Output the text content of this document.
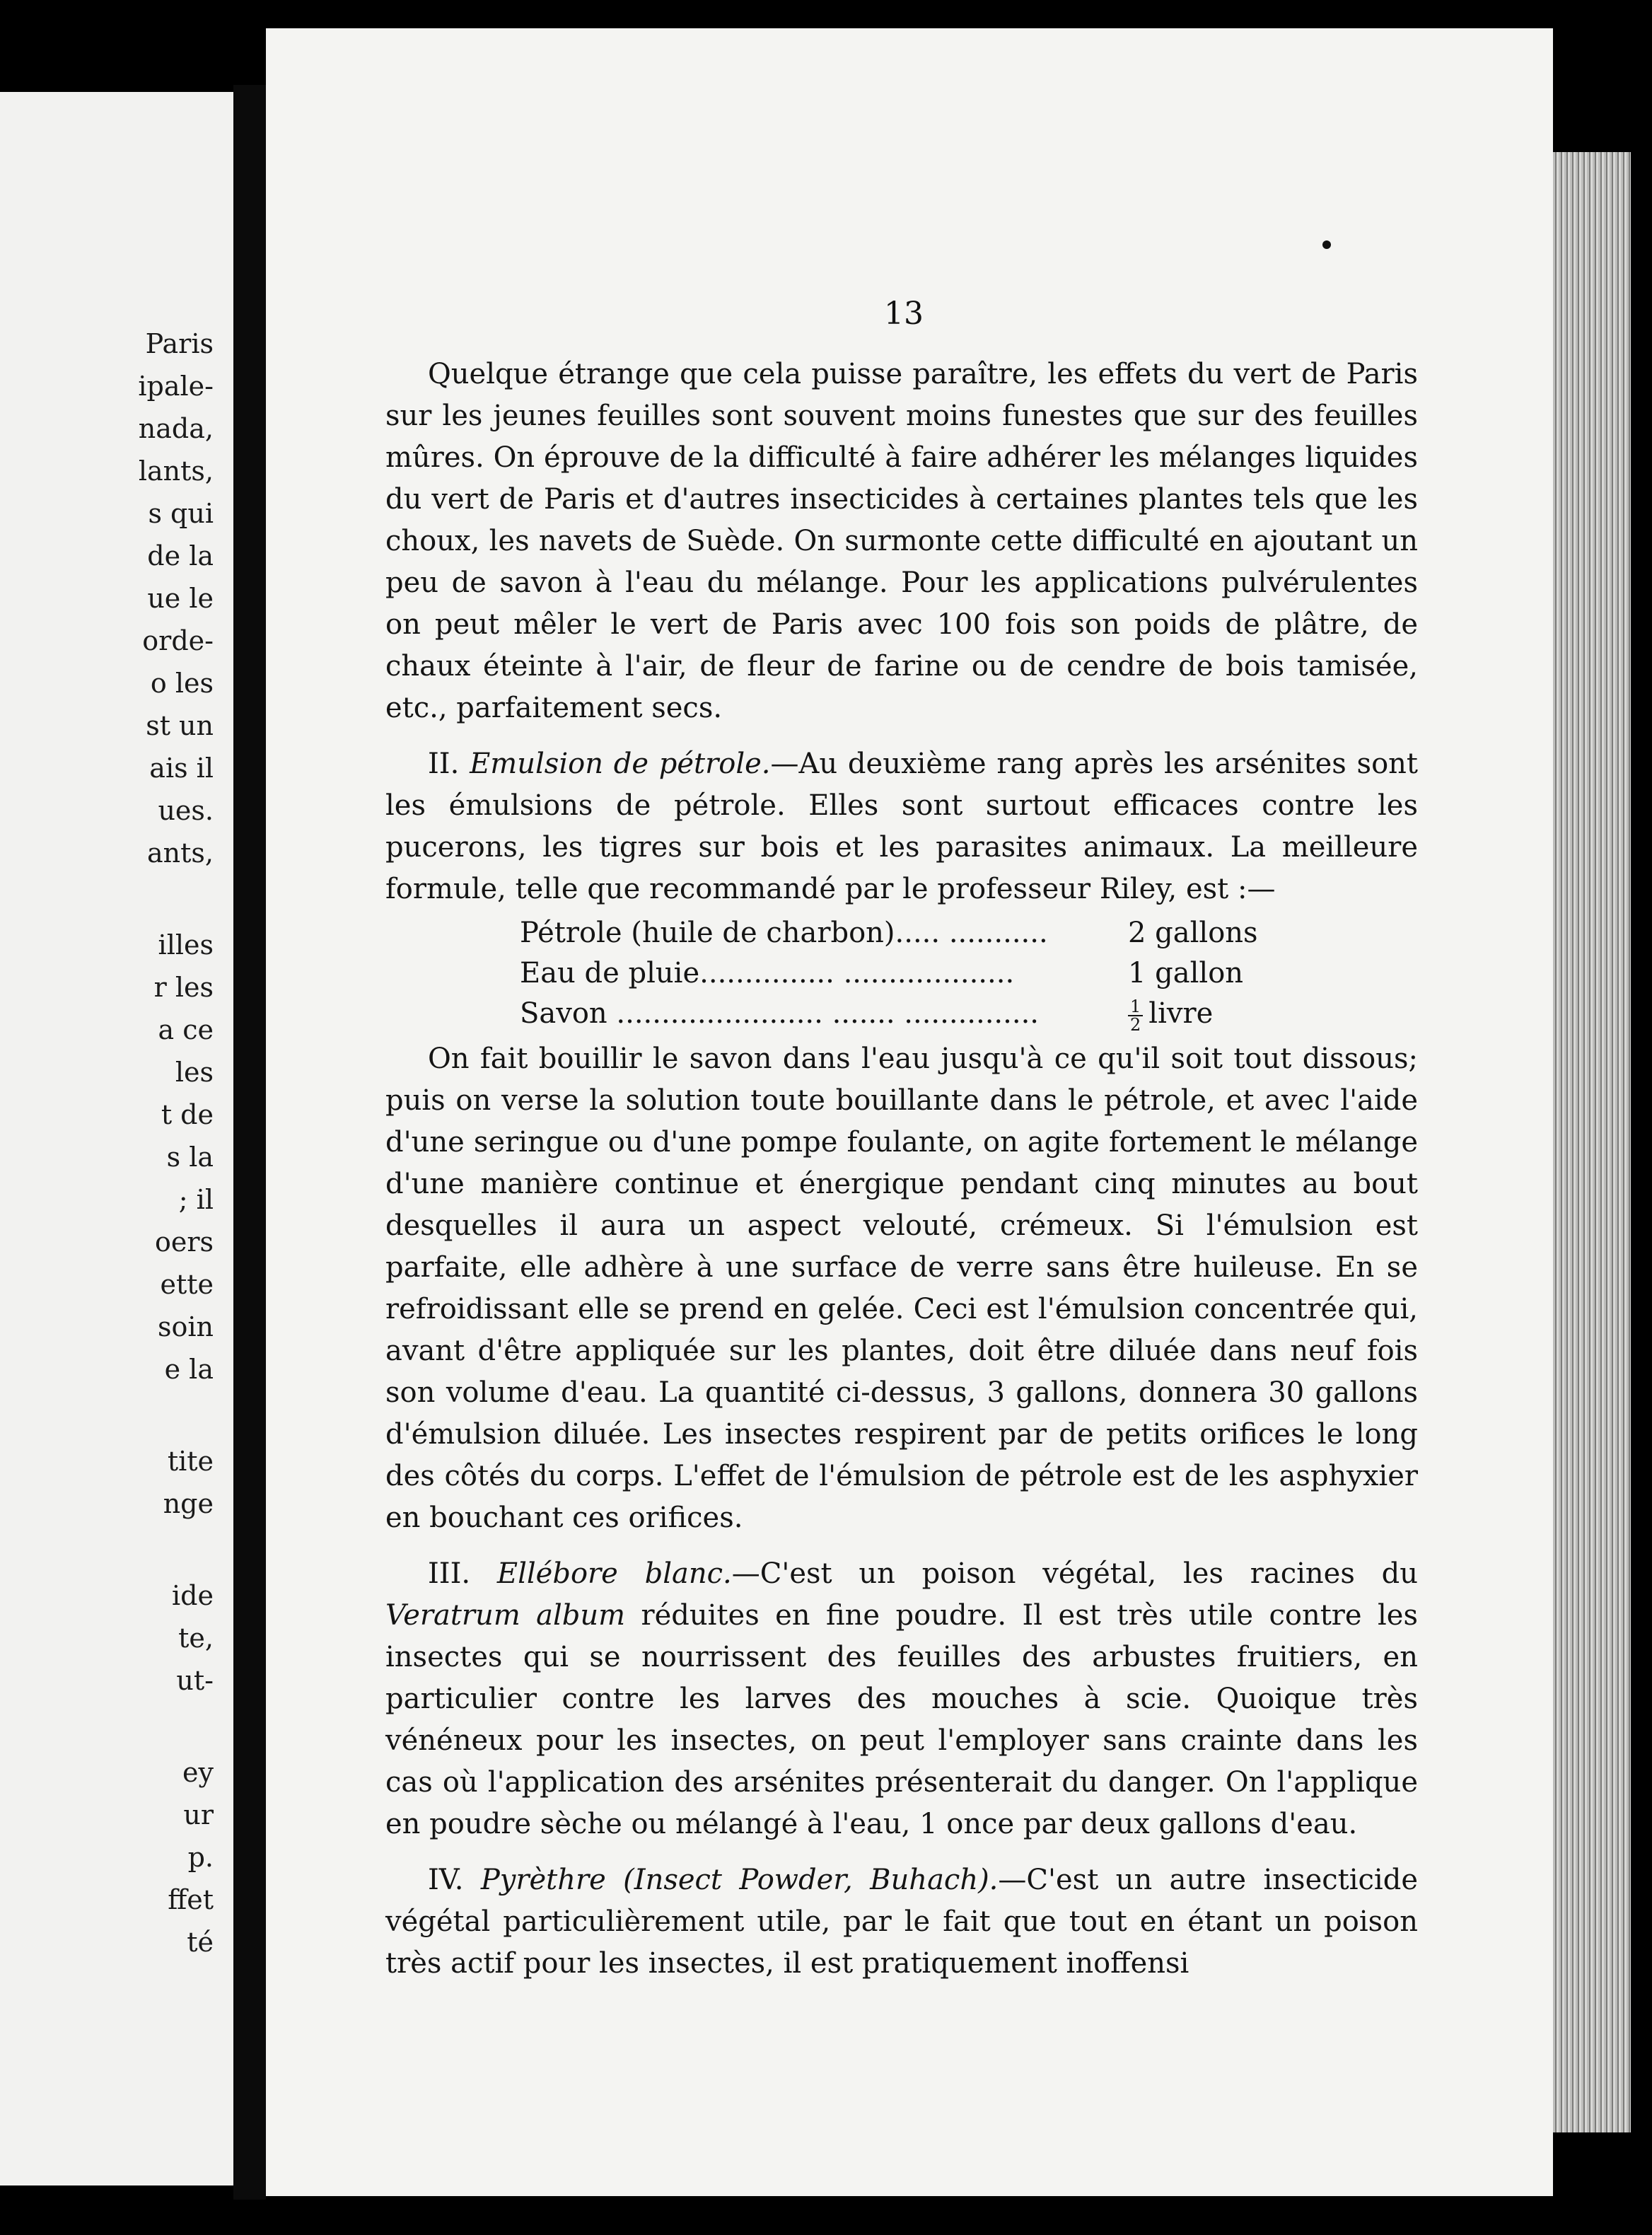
Paris
ipale-
nada,
lants,
s qui
de la
ue le
orde-
o les
st un
ais il
ues.
ants,
illes
r les
a ce
les
t de
s la
; il
oers
ette
soin
e la
tite
nge
ide
te,
ut-
ey
ur
p.
ffet
té
13

Quelque étrange que cela puisse paraître, les effets du vert de Paris sur les jeunes feuilles sont souvent moins funestes que sur des feuilles mûres. On éprouve de la difficulté à faire adhérer les mélanges liquides du vert de Paris et d'autres insecticides à certaines plantes tels que les choux, les navets de Suède. On surmonte cette difficulté en ajoutant un peu de savon à l'eau du mélange. Pour les applications pulvérulentes on peut mêler le vert de Paris avec 100 fois son poids de plâtre, de chaux éteinte à l'air, de fleur de farine ou de cendre de bois tamisée, etc., parfaitement secs.

II. Emulsion de pétrole.—Au deuxième rang après les arsénites sont les émulsions de pétrole. Elles sont surtout efficaces contre les pucerons, les tigres sur bois et les parasites animaux. La meilleure formule, telle que recommandé par le professeur Riley, est :—

Pétrole (huile de charbon)..... ...........	2 gallons
Eau de pluie............... ...................	1 gallon
Savon ....................... ....... ...............	$\frac{1}{2}$ livre

On fait bouillir le savon dans l'eau jusqu'à ce qu'il soit tout dissous; puis on verse la solution toute bouillante dans le pétrole, et avec l'aide d'une seringue ou d'une pompe foulante, on agite fortement le mélange d'une manière continue et énergique pendant cinq minutes au bout desquelles il aura un aspect velouté, crémeux. Si l'émulsion est parfaite, elle adhère à une surface de verre sans être huileuse. En se refroidissant elle se prend en gelée. Ceci est l'émulsion concentrée qui, avant d'être appliquée sur les plantes, doit être diluée dans neuf fois son volume d'eau. La quantité ci-dessus, 3 gallons, donnera 30 gallons d'émulsion diluée. Les insectes respirent par de petits orifices le long des côtés du corps. L'effet de l'émulsion de pétrole est de les asphyxier en bouchant ces orifices.

III. Ellébore blanc.—C'est un poison végétal, les racines du Veratrum album réduites en fine poudre. Il est très utile contre les insectes qui se nourrissent des feuilles des arbustes fruitiers, en particulier contre les larves des mouches à scie. Quoique très vénéneux pour les insectes, on peut l'employer sans crainte dans les cas où l'application des arsénites présenterait du danger. On l'applique en poudre sèche ou mélangé à l'eau, 1 once par deux gallons d'eau.

IV. Pyrèthre (Insect Powder, Buhach).—C'est un autre insecticide végétal particulièrement utile, par le fait que tout en étant un poison très actif pour les insectes, il est pratiquement inoffensi
